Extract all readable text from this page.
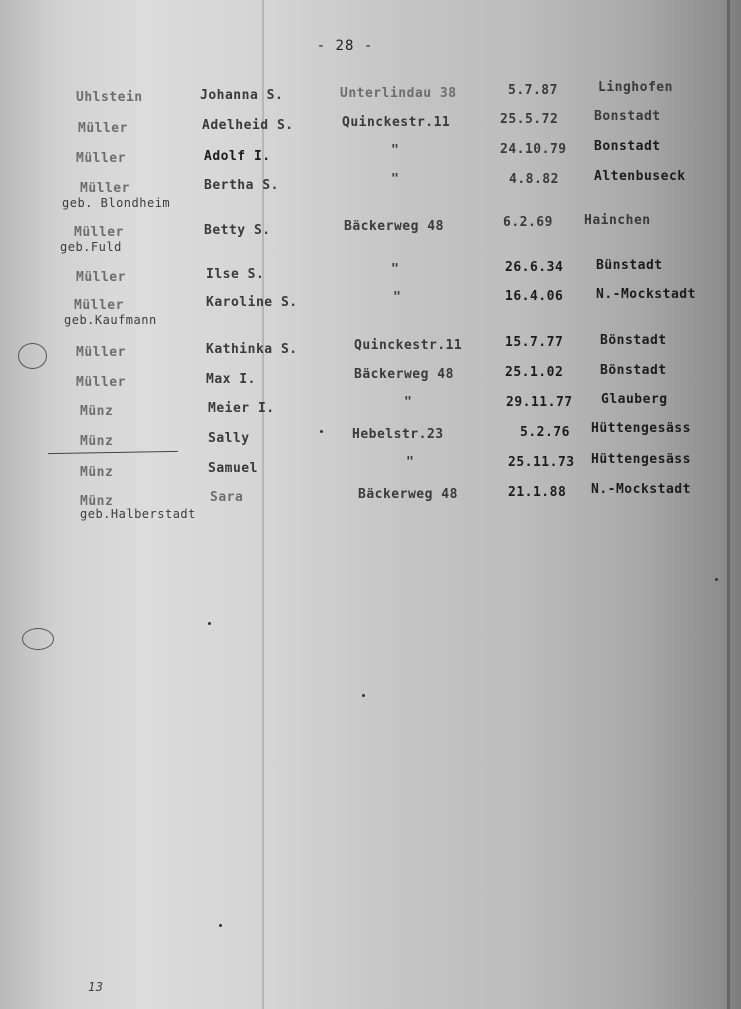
- 28 -
Uhlstein	Johanna S.	Unterlindau 38	5.7.87	Linghofen
Müller	Adelheid S.	Quinckestr.11	25.5.72	Bonstadt
Müller	Adolf I.	"	24.10.79 Bonstadt
Müller
geb. Blondheim
Bertha S.	"	4.8.82	Altenbuseck
Müller
geb.Fuld
Betty S.	Bäckerweg 48	6.2.69 Hainchen
Müller	Ilse S.	"	26.6.34	Bünstadt
Müller
geb.Kaufmann
Karoline S.	"	16.4.06	N.-Mockstadt
Müller	Kathinka S.	Quinckestr.11	15.7.77	Bönstadt
Müller	Max I.	Bäckerweg 48	25.1.02	Bönstadt
Münz	Meier I.	"	29.11.77 Glauberg
Münz	Sally	Hebelstr.23	5.2.76 Hüttengesäss
Münz	Samuel	"	25.11.73 Hüttengesäss
Münz
geb.Halberstadt
Sara	Bäckerweg 48	21.1.88 N.-Mockstadt
13
